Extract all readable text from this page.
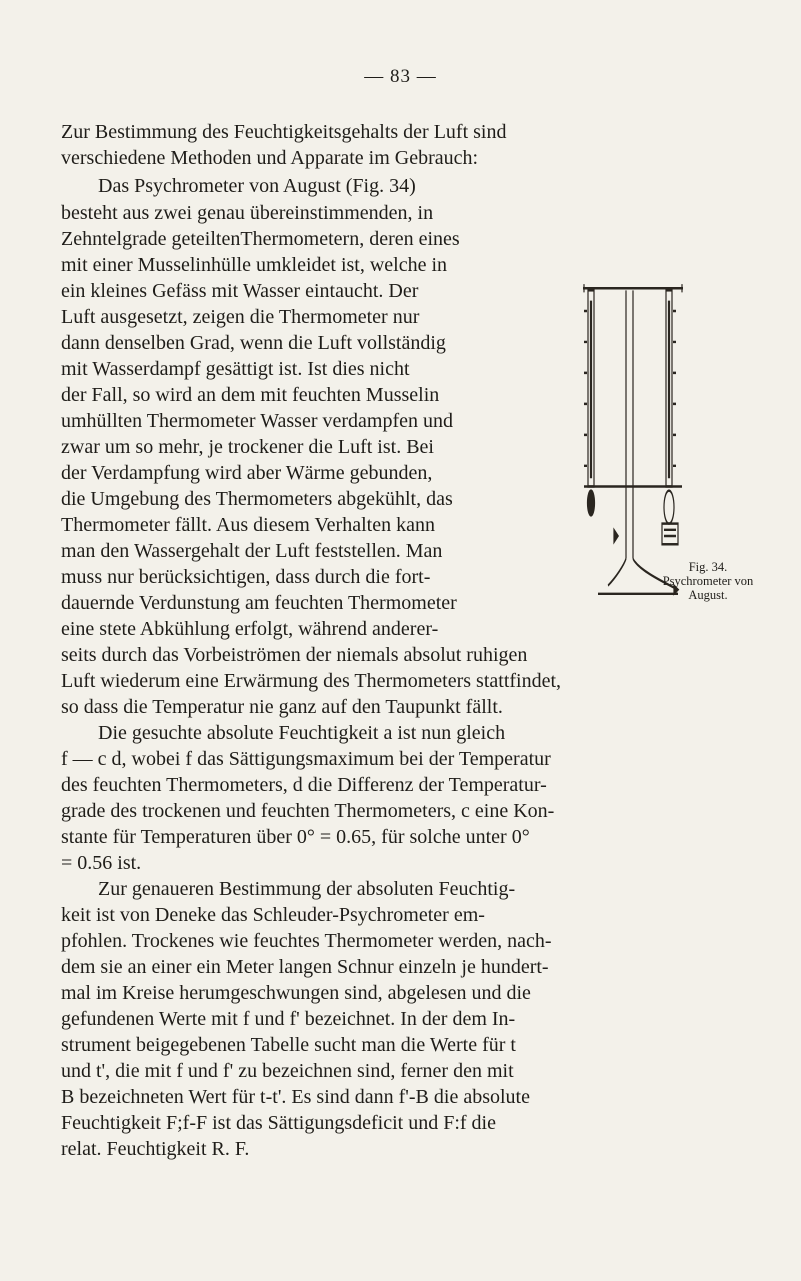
— 83 —

Zur Bestimmung des Feuchtigkeitsgehalts der Luft sind

verschiedene Methoden und Apparate im Gebrauch:

Das Psychrometer von August (Fig. 34)

besteht aus zwei genau übereinstimmenden, in

Zehntelgrade geteiltenThermometern, deren eines

mit einer Musselinhülle umkleidet ist, welche in

ein kleines Gefäss mit Wasser eintaucht. Der

Luft ausgesetzt, zeigen die Thermometer nur

dann denselben Grad, wenn die Luft vollständig

mit Wasserdampf gesättigt ist. Ist dies nicht

der Fall, so wird an dem mit feuchten Musselin

umhüllten Thermometer Wasser verdampfen und

zwar um so mehr, je trockener die Luft ist. Bei

der Verdampfung wird aber Wärme gebunden,

die Umgebung des Thermometers abgekühlt, das

Thermometer fällt. Aus diesem Verhalten kann

man den Wassergehalt der Luft feststellen. Man

muss nur berücksichtigen, dass durch die fort-

dauernde Verdunstung am feuchten Thermometer

eine stete Abkühlung erfolgt, während anderer-

seits durch das Vorbeiströmen der niemals absolut ruhigen

Luft wiederum eine Erwärmung des Thermometers stattfindet,

so dass die Temperatur nie ganz auf den Taupunkt fällt.

Die gesuchte absolute Feuchtigkeit a ist nun gleich

f — c d, wobei f das Sättigungsmaximum bei der Temperatur

des feuchten Thermometers, d die Differenz der Temperatur-

grade des trockenen und feuchten Thermometers, c eine Kon-

stante für Temperaturen über 0° = 0.65, für solche unter 0°

= 0.56 ist.

Zur genaueren Bestimmung der absoluten Feuchtig-

keit ist von Deneke das Schleuder-Psychrometer em-

pfohlen. Trockenes wie feuchtes Thermometer werden, nach-

dem sie an einer ein Meter langen Schnur einzeln je hundert-

mal im Kreise herumgeschwungen sind, abgelesen und die

gefundenen Werte mit f und f' bezeichnet. In der dem In-

strument beigegebenen Tabelle sucht man die Werte für t

und t', die mit f und f' zu bezeichnen sind, ferner den mit

B bezeichneten Wert für t-t'. Es sind dann f'-B die absolute

Feuchtigkeit F;f-F ist das Sättigungsdeficit und F:f die

relat. Feuchtigkeit R. F.

Fig. 34.
Psychrometer von
August.
